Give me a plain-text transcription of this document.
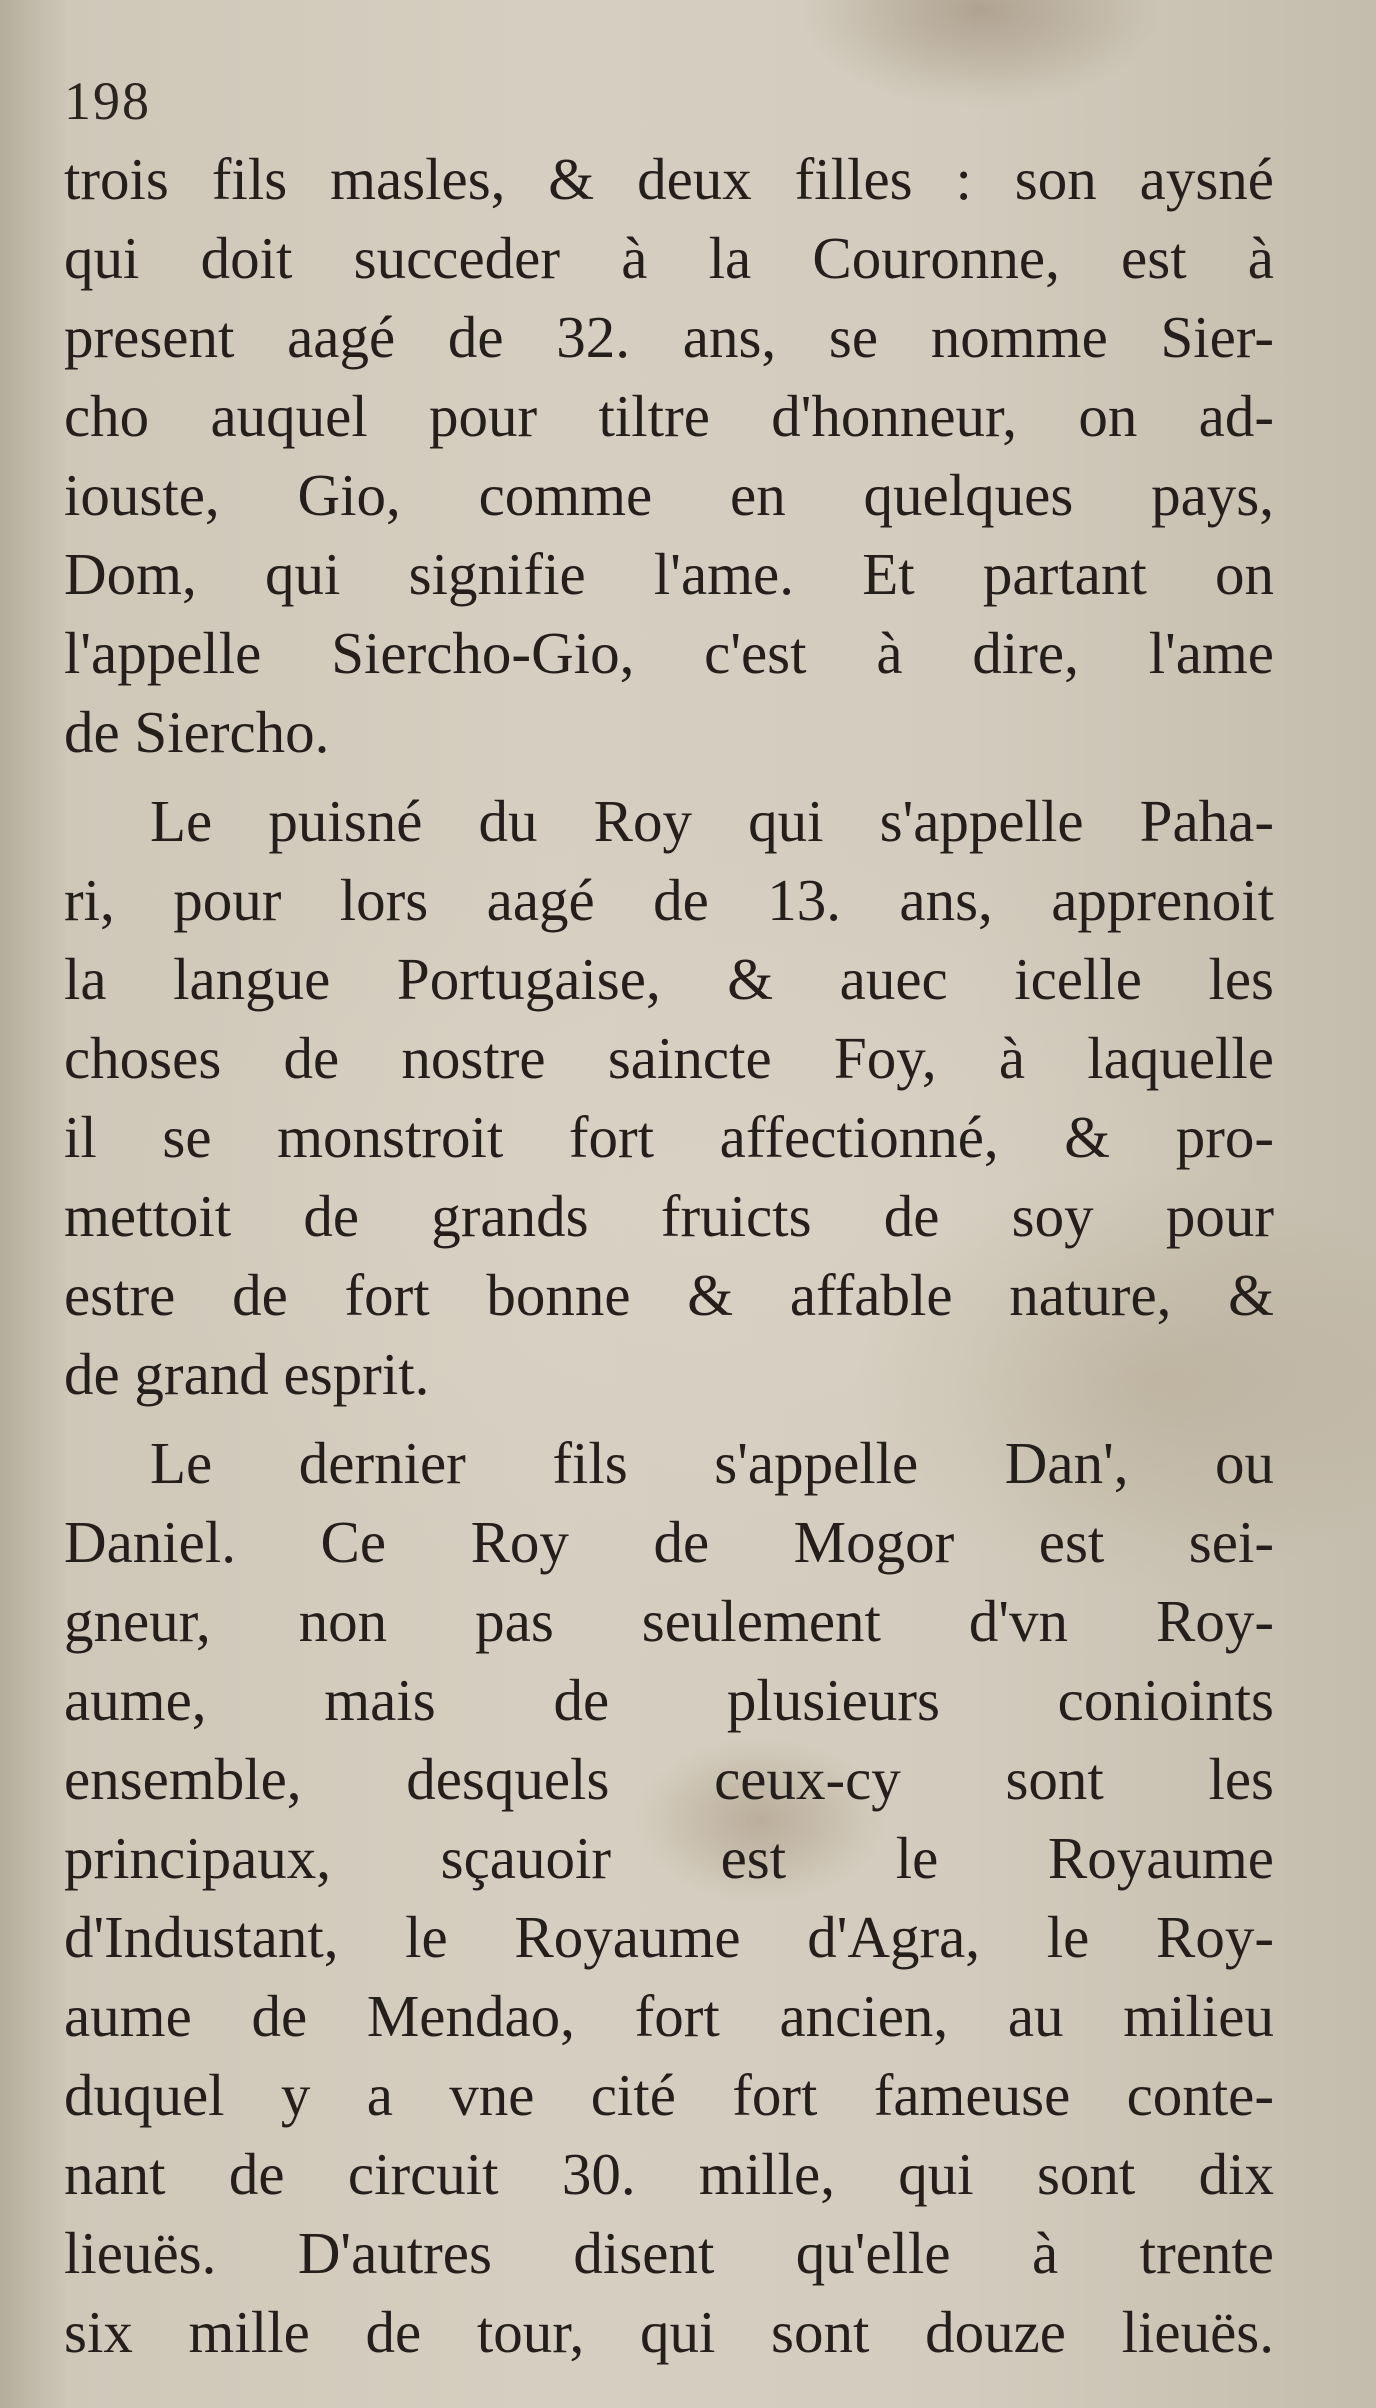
198
trois fils masles, & deux filles : son aysné
qui doit succeder à la Couronne, est à
present aagé de 32. ans, se nomme Sier-
cho auquel pour tiltre d'honneur, on ad-
iouste, Gio, comme en quelques pays,
Dom, qui signifie l'ame. Et partant on
l'appelle Siercho-Gio, c'est à dire, l'ame
de Siercho.
Le puisné du Roy qui s'appelle Paha-
ri, pour lors aagé de 13. ans, apprenoit
la langue Portugaise, & auec icelle les
choses de nostre saincte Foy, à laquelle
il se monstroit fort affectionné, & pro-
mettoit de grands fruicts de soy pour
estre de fort bonne & affable nature, &
de grand esprit.
Le dernier fils s'appelle Dan', ou
Daniel. Ce Roy de Mogor est sei-
gneur, non pas seulement d'vn Roy-
aume, mais de plusieurs conioints
ensemble, desquels ceux-cy sont les
principaux, sçauoir est le Royaume
d'Industant, le Royaume d'Agra, le Roy-
aume de Mendao, fort ancien, au milieu
duquel y a vne cité fort fameuse conte-
nant de circuit 30. mille, qui sont dix
lieuës. D'autres disent qu'elle à trente
six mille de tour, qui sont douze lieuës.
